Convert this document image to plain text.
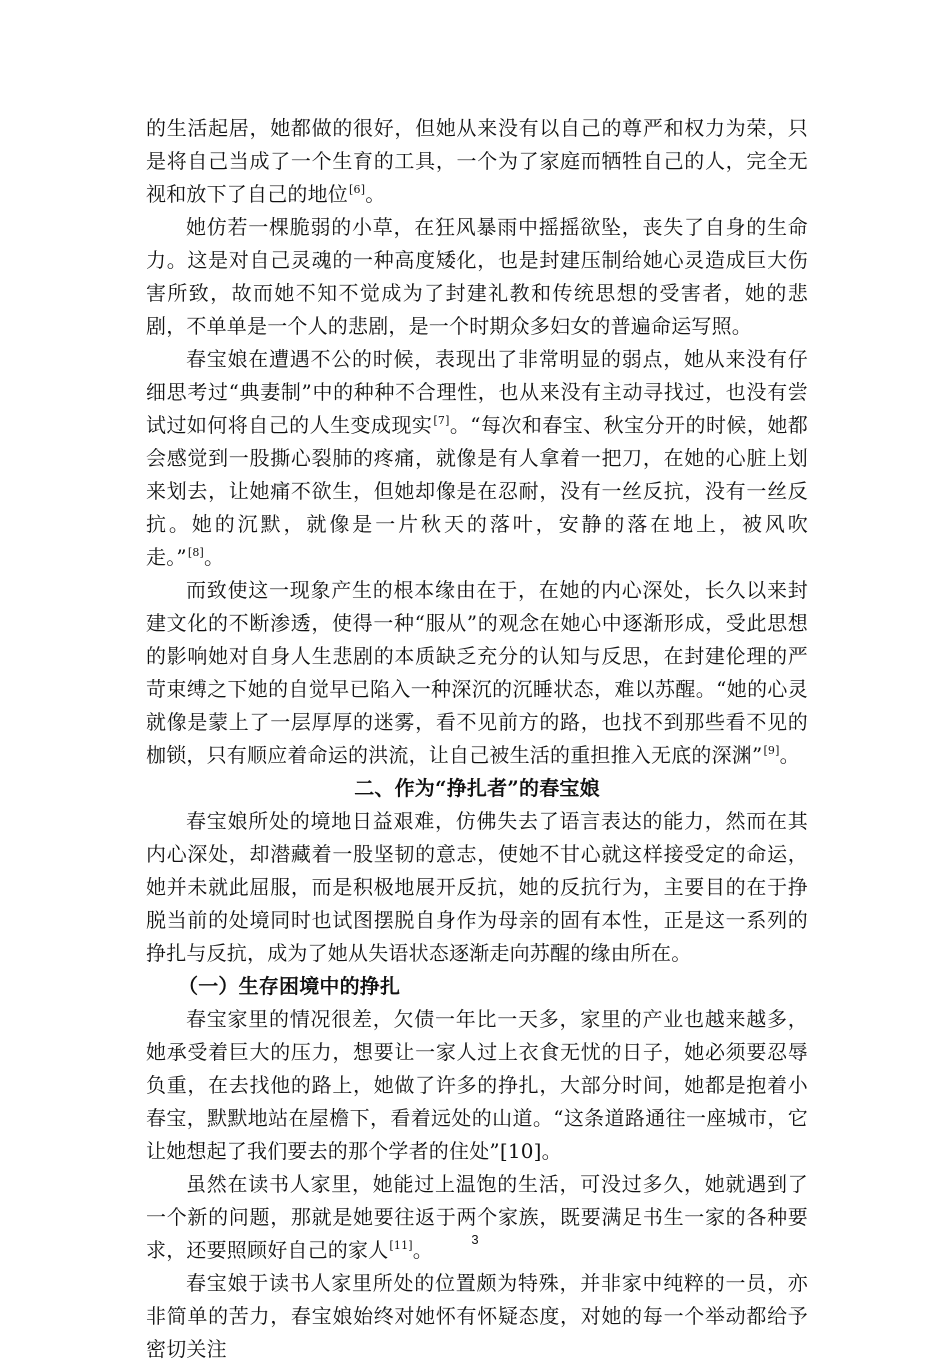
的生活起居，她都做的很好，但她从来没有以自己的尊严和权力为荣，只是将自己当成了一个生育的工具，一个为了家庭而牺牲自己的人，完全无视和放下了自己的地位[6]。

她仿若一棵脆弱的小草，在狂风暴雨中摇摇欲坠，丧失了自身的生命力。这是对自己灵魂的一种高度矮化，也是封建压制给她心灵造成巨大伤害所致，故而她不知不觉成为了封建礼教和传统思想的受害者，她的悲剧，不单单是一个人的悲剧，是一个时期众多妇女的普遍命运写照。

春宝娘在遭遇不公的时候，表现出了非常明显的弱点，她从来没有仔细思考过“典妻制”中的种种不合理性，也从来没有主动寻找过，也没有尝试过如何将自己的人生变成现实[7]。“每次和春宝、秋宝分开的时候，她都会感觉到一股撕心裂肺的疼痛，就像是有人拿着一把刀，在她的心脏上划来划去，让她痛不欲生，但她却像是在忍耐，没有一丝反抗，没有一丝反抗。她的沉默，就像是一片秋天的落叶，安静的落在地上，被风吹走。”[8]。

而致使这一现象产生的根本缘由在于，在她的内心深处，长久以来封建文化的不断渗透，使得一种“服从”的观念在她心中逐渐形成，受此思想的影响她对自身人生悲剧的本质缺乏充分的认知与反思，在封建伦理的严苛束缚之下她的自觉早已陷入一种深沉的沉睡状态，难以苏醒。“她的心灵就像是蒙上了一层厚厚的迷雾，看不见前方的路，也找不到那些看不见的枷锁，只有顺应着命运的洪流，让自己被生活的重担推入无底的深渊”[9]。

二、作为“挣扎者”的春宝娘

春宝娘所处的境地日益艰难，仿佛失去了语言表达的能力，然而在其内心深处，却潜藏着一股坚韧的意志，使她不甘心就这样接受定的命运，她并未就此屈服，而是积极地展开反抗，她的反抗行为，主要目的在于挣脱当前的处境同时也试图摆脱自身作为母亲的固有本性，正是这一系列的挣扎与反抗，成为了她从失语状态逐渐走向苏醒的缘由所在。

（一）生存困境中的挣扎

春宝家里的情况很差，欠债一年比一天多，家里的产业也越来越多，她承受着巨大的压力，想要让一家人过上衣食无忧的日子，她必须要忍辱负重，在去找他的路上，她做了许多的挣扎，大部分时间，她都是抱着小春宝，默默地站在屋檐下，看着远处的山道。“这条道路通往一座城市，它让她想起了我们要去的那个学者的住处”[10]。

虽然在读书人家里，她能过上温饱的生活，可没过多久，她就遇到了一个新的问题，那就是她要往返于两个家族，既要满足书生一家的各种要求，还要照顾好自己的家人[11]。

春宝娘于读书人家里所处的位置颇为特殊，并非家中纯粹的一员，亦非简单的苦力，春宝娘始终对她怀有怀疑态度，对她的每一个举动都给予密切关注

3
